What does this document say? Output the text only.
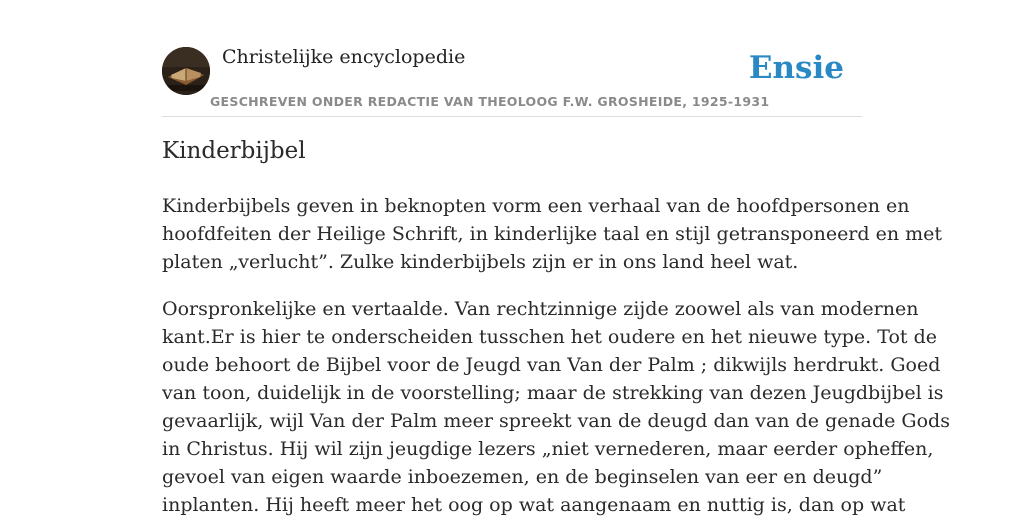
Christelijke encyclopedie
GESCHREVEN ONDER REDACTIE VAN THEOLOOG F.W. GROSHEIDE, 1925-1931
Ensie
Kinderbijbel

Kinderbijbels geven in beknopten vorm een verhaal van de hoofdpersonen en
hoofdfeiten der Heilige Schrift, in kinderlijke taal en stijl getransponeerd en met
platen „verlucht”. Zulke kinderbijbels zijn er in ons land heel wat.

Oorspronkelijke en vertaalde. Van rechtzinnige zijde zoowel als van modernen
kant.Er is hier te onderscheiden tusschen het oudere en het nieuwe type. Tot de
oude behoort de Bijbel voor de Jeugd van Van der Palm ; dikwijls herdrukt. Goed
van toon, duidelijk in de voorstelling; maar de strekking van dezen Jeugdbijbel is
gevaarlijk, wijl Van der Palm meer spreekt van de deugd dan van de genade Gods
in Christus. Hij wil zijn jeugdige lezers „niet vernederen, maar eerder opheffen,
gevoel van eigen waarde inboezemen, en de beginselen van eer en deugd”
inplanten. Hij heeft meer het oog op wat aangenaam en nuttig is, dan op wat
